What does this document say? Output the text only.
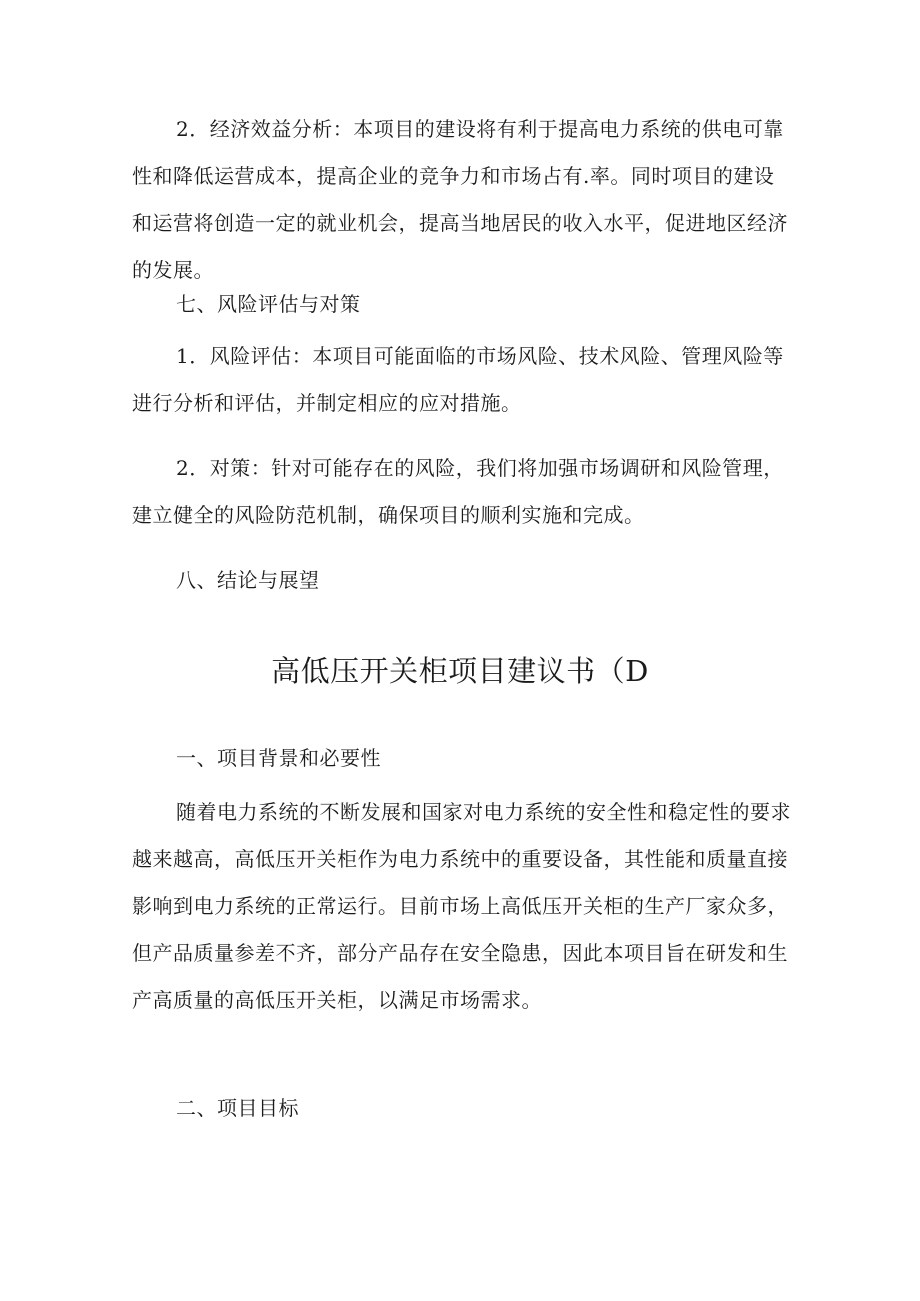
2．经济效益分析：本项目的建设将有利于提高电力系统的供电可靠性和降低运营成本，提高企业的竞争力和市场占有.率。同时项目的建设和运营将创造一定的就业机会，提高当地居民的收入水平，促进地区经济的发展。

七、风险评估与对策

1．风险评估：本项目可能面临的市场风险、技术风险、管理风险等进行分析和评估，并制定相应的应对措施。

2．对策：针对可能存在的风险，我们将加强市场调研和风险管理，建立健全的风险防范机制，确保项目的顺利实施和完成。

八、结论与展望

高低压开关柜项目建议书（D

一、项目背景和必要性

随着电力系统的不断发展和国家对电力系统的安全性和稳定性的要求越来越高，高低压开关柜作为电力系统中的重要设备，其性能和质量直接影响到电力系统的正常运行。目前市场上高低压开关柜的生产厂家众多，但产品质量参差不齐，部分产品存在安全隐患，因此本项目旨在研发和生产高质量的高低压开关柜，以满足市场需求。

二、项目目标
